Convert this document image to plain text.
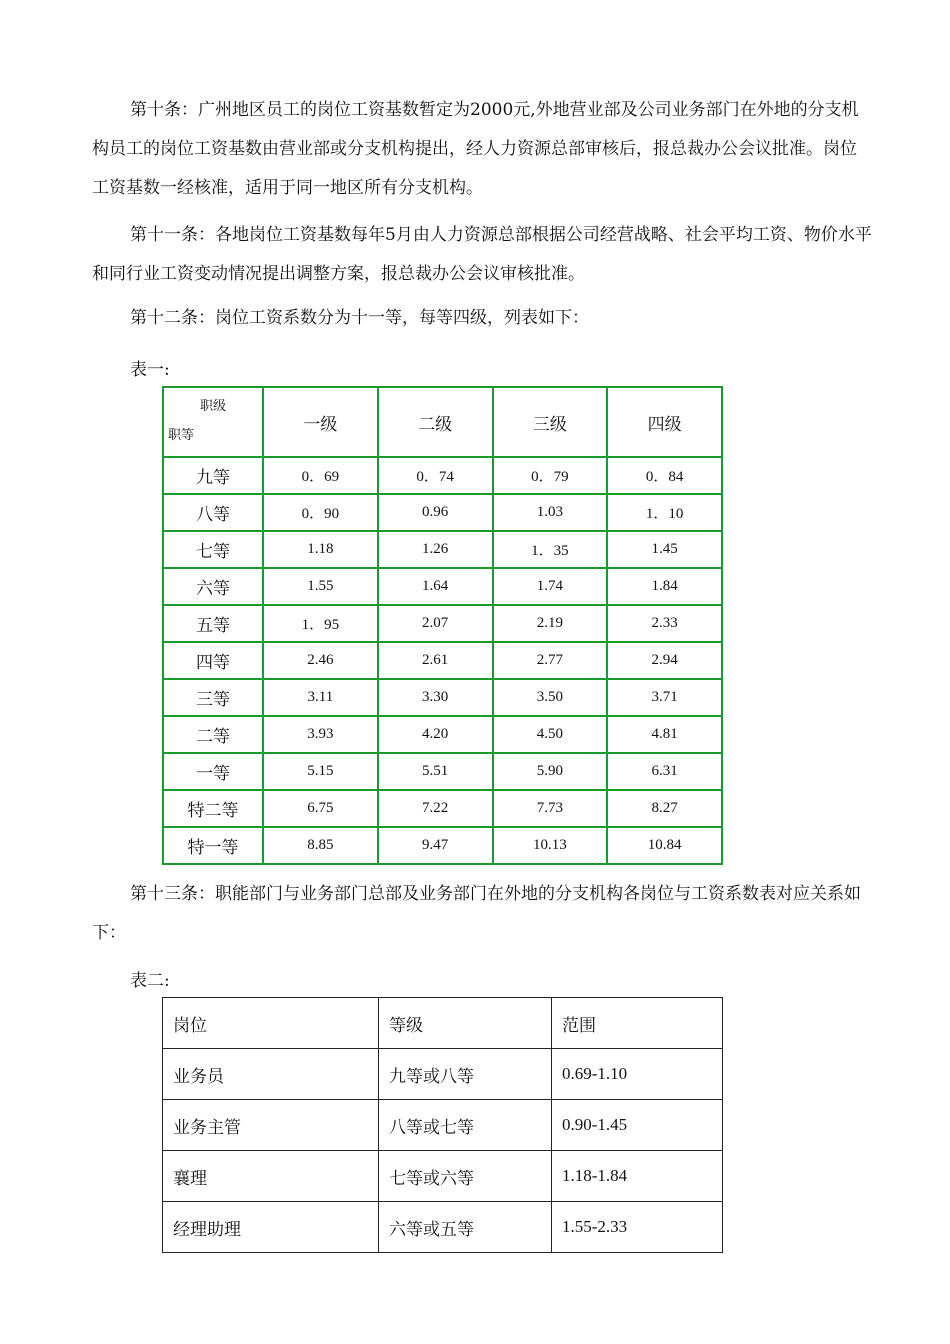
第十条：广州地区员工的岗位工资基数暂定为2000元,外地营业部及公司业务部门在外地的分支机构员工的岗位工资基数由营业部或分支机构提出，经人力资源总部审核后，报总裁办公会议批准。岗位工资基数一经核准，适用于同一地区所有分支机构。

第十一条：各地岗位工资基数每年5月由人力资源总部根据公司经营战略、社会平均工资、物价水平和同行业工资变动情况提出调整方案，报总裁办公会议审核批准。

第十二条：岗位工资系数分为十一等，每等四级，列表如下：

表一:

职级
职等	一级	二级	三级	四级
九等	0．69	0．74	0．79	0．84
八等	0．90	0.96	1.03	1．10
七等	1.18	1.26	1．35	1.45
六等	1.55	1.64	1.74	1.84
五等	1．95	2.07	2.19	2.33
四等	2.46	2.61	2.77	2.94
三等	3.11	3.30	3.50	3.71
二等	3.93	4.20	4.50	4.81
一等	5.15	5.51	5.90	6.31
特二等	6.75	7.22	7.73	8.27
特一等	8.85	9.47	10.13	10.84

第十三条：职能部门与业务部门总部及业务部门在外地的分支机构各岗位与工资系数表对应关系如下：

表二:

岗位	等级	范围
业务员	九等或八等	0.69-1.10
业务主管	八等或七等	0.90-1.45
襄理	七等或六等	1.18-1.84
经理助理	六等或五等	1.55-2.33
